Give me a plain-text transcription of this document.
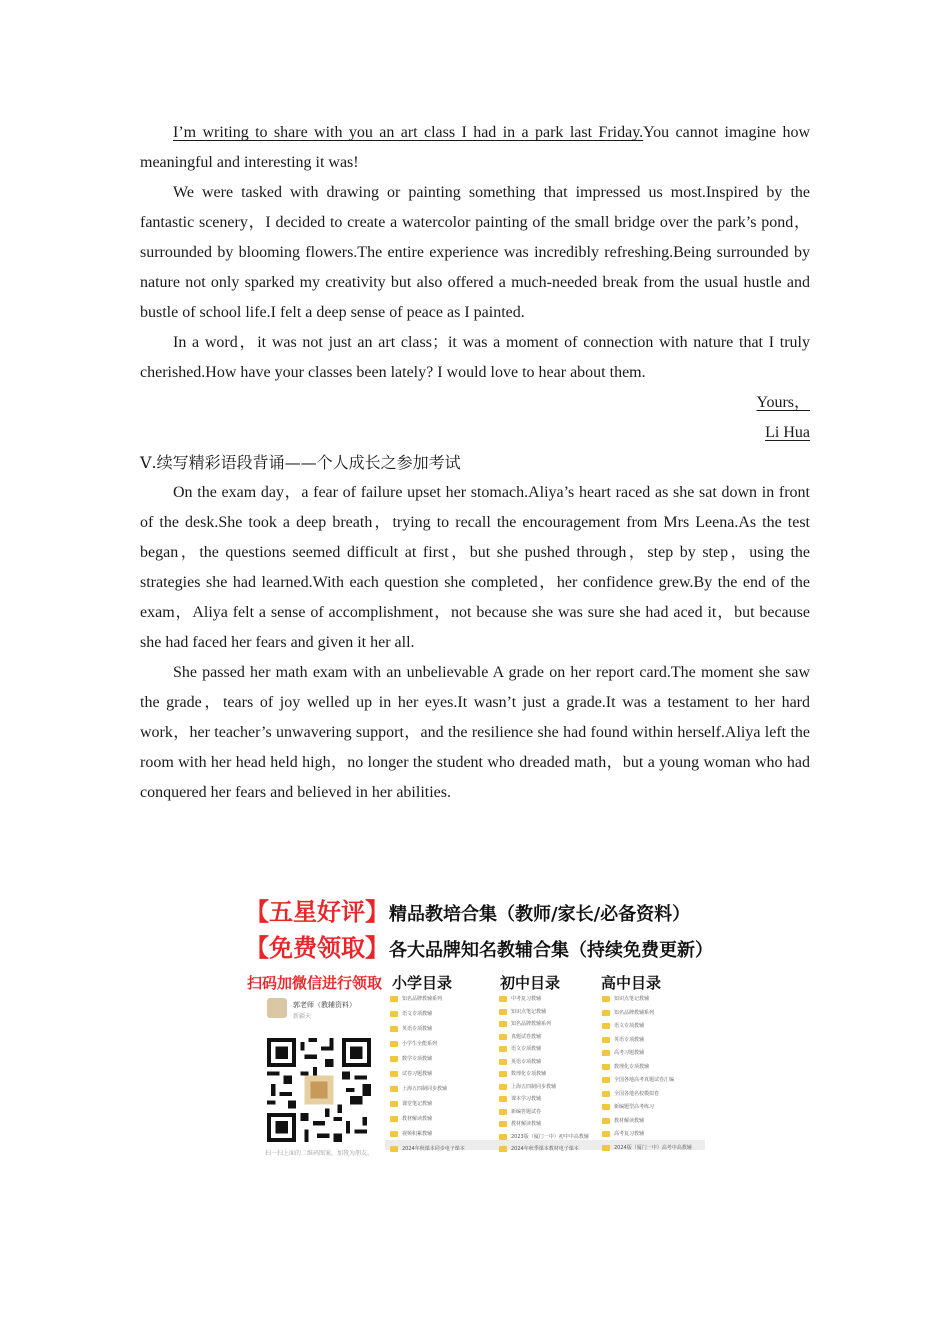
I’m writing to share with you an art class I had in a park last Friday.You cannot imagine how meaningful and interesting it was!

We were tasked with drawing or painting something that impressed us most.Inspired by the fantastic scenery，I decided to create a watercolor painting of the small bridge over the park’s pond，surrounded by blooming flowers.The entire experience was incredibly refreshing.Being surrounded by nature not only sparked my creativity but also offered a much-needed break from the usual hustle and bustle of school life.I felt a deep sense of peace as I painted.

In a word，it was not just an art class；it was a moment of connection with nature that I truly cherished.How have your classes been lately? I would love to hear about them.

Yours，

Li Hua

Ⅴ.续写精彩语段背诵——个人成长之参加考试

On the exam day，a fear of failure upset her stomach.Aliya’s heart raced as she sat down in front of the desk.She took a deep breath，trying to recall the encouragement from Mrs Leena.As the test began，the questions seemed difficult at first，but she pushed through，step by step，using the strategies she had learned.With each question she completed，her confidence grew.By the end of the exam，Aliya felt a sense of accomplishment，not because she was sure she had aced it，but because she had faced her fears and given it her all.

She passed her math exam with an unbelievable A grade on her report card.The moment she saw the grade，tears of joy welled up in her eyes.It wasn’t just a grade.It was a testament to her hard work，her teacher’s unwavering support，and the resilience she had found within herself.Aliya left the room with her head held high，no longer the student who dreaded math，but a young woman who had conquered her fears and believed in her abilities.

【五星好评】精品教培合集（教师/家长/必备资料）
【免费领取】各大品牌知名教辅合集（持续免费更新）
扫码加微信进行领取 小学目录	初中目录	高中目录
郭老师（教辅资料）
新疆天
扫一扫上面的二维码图案，加我为朋友。
知名品牌教辅系列
语文专项教辅
英语专项教辅
小学生全能系列
数学专项教辅
试卷习题教辅
上海五四制同步教辅
课堂笔记教辅
教材解读教辅
视频积累教辅
2024年秋课本同步电子课本
中考复习教辅
知识点笔记教辅
知名品牌教辅系列
真题试卷教辅
语文专项教辅
英语专项教辅
数理化专项教辅
上海五四制同步教辅
课本学习教辅
新编答题试卷
教材解读教辅
2023版（厦门一中）初中中高教辅
2024年秋季课本教材电子课本
知识点笔记教辅
知名品牌教辅系列
语文专项教辅
英语专项教辅
高考习题教辅
数理化专项教辅
全国各地高考真题试卷汇编
全国各地名校模拟卷
新编题型高考练习
教材解读教辅
高考复习教辅
2024版（厦门一中）高考中高教辅
